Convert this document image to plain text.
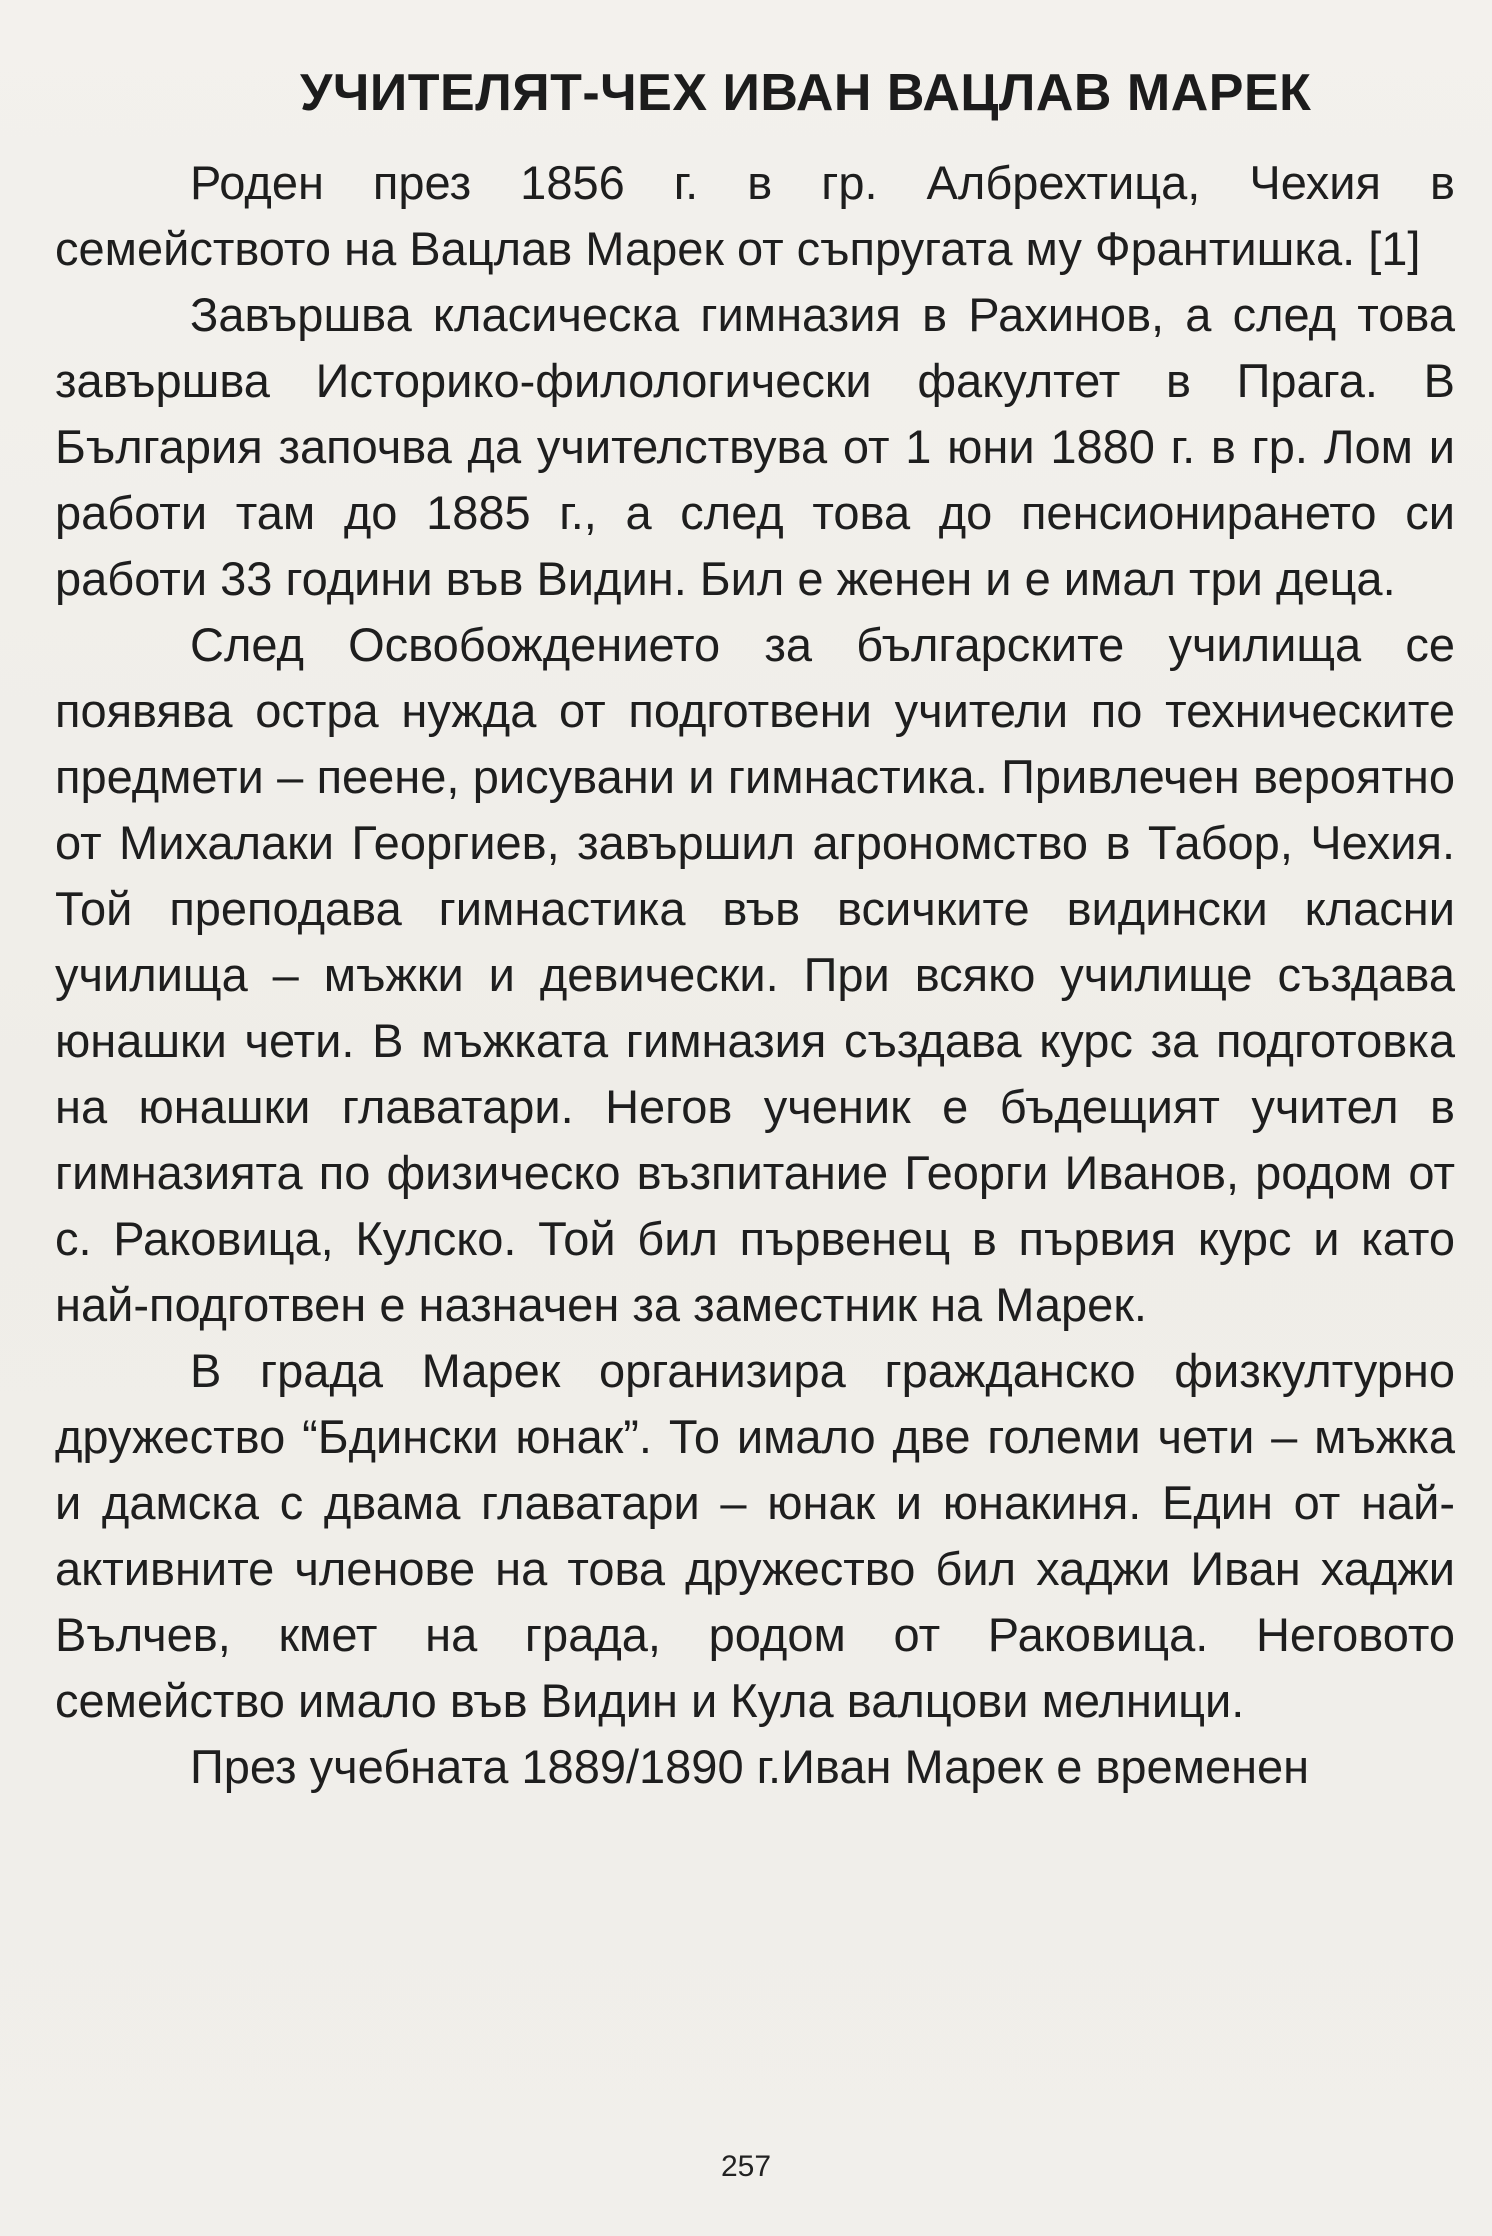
УЧИТЕЛЯТ-ЧЕХ ИВАН ВАЦЛАВ МАРЕК

Роден през 1856 г. в гр. Албрехтица, Чехия в семейството на Вацлав Марек от съпругата му Франтишка. [1]

Завършва класическа гимназия в Рахинов, а след това завършва Историко-филологически факултет в Прага. В България започва да учителствува от 1 юни 1880 г. в гр. Лом и работи там до 1885 г., а след това до пенсионирането си работи 33 години във Видин. Бил е женен и е имал три деца.

След Освобождението за българските училища се появява остра нужда от подготвени учители по техническите предмети – пеене, рисувани и гимнастика. Привлечен вероятно от Михалаки Георгиев, завършил агрономство в Табор, Чехия. Той преподава гимнастика във всичките видински класни училища – мъжки и девически. При всяко училище създава юнашки чети. В мъжката гимназия създава курс за подготовка на юнашки главатари. Негов ученик е бъдещият учител в гимназията по физическо възпитание Георги Иванов, родом от с. Раковица, Кулско. Той бил първенец в първия курс и като най-подготвен е назначен за заместник на Марек.

В града Марек организира гражданско физкултурно дружество “Бдински юнак”. То имало две големи чети – мъжка и дамска с двама главатари – юнак и юнакиня. Един от най-активните членове на това дружество бил хаджи Иван хаджи Вълчев, кмет на града, родом от Раковица. Неговото семейство имало във Видин и Кула валцови мелници.

През учебната 1889/1890 г.Иван Марек е временен

257
